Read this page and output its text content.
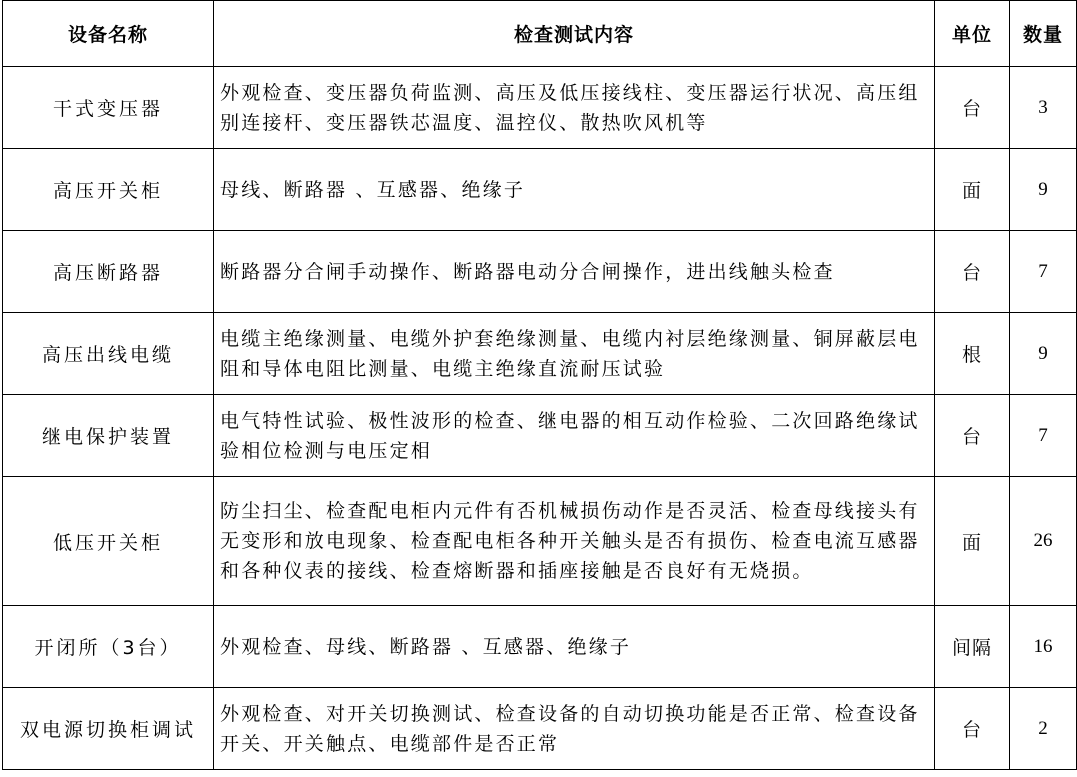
设备名称	检查测试内容	单位	数量
干式变压器	外观检查、变压器负荷监测、高压及低压接线柱、变压器运行状况、高压组别连接杆、变压器铁芯温度、温控仪、散热吹风机等	台	3
高压开关柜	母线、断路器 、互感器、绝缘子	面	9
高压断路器	断路器分合闸手动操作、断路器电动分合闸操作，进出线触头检查	台	7
高压出线电缆	电缆主绝缘测量、电缆外护套绝缘测量、电缆内衬层绝缘测量、铜屏蔽层电阻和导体电阻比测量、电缆主绝缘直流耐压试验	根	9
继电保护装置	电气特性试验、极性波形的检查、继电器的相互动作检验、二次回路绝缘试验相位检测与电压定相	台	7
低压开关柜	防尘扫尘、检查配电柜内元件有否机械损伤动作是否灵活、检查母线接头有无变形和放电现象、检查配电柜各种开关触头是否有损伤、检查电流互感器和各种仪表的接线、检查熔断器和插座接触是否良好有无烧损。	面	26
开闭所（3台）	外观检查、母线、断路器 、互感器、绝缘子	间隔	16
双电源切换柜调试	外观检查、对开关切换测试、检查设备的自动切换功能是否正常、检查设备开关、开关触点、电缆部件是否正常	台	2
